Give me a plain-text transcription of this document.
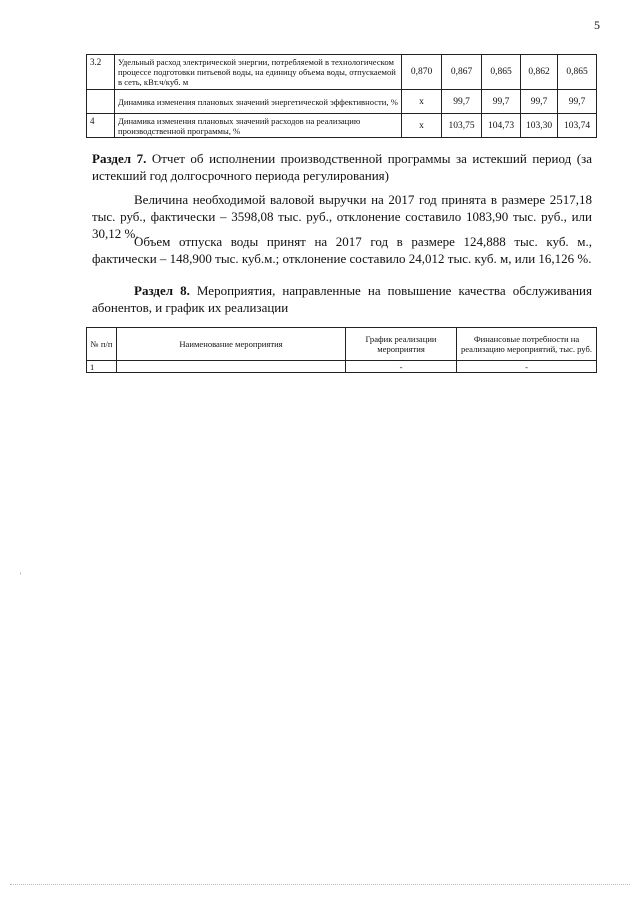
5
3.2	Удельный расход электрической энергии, потребляемой в технологическом процессе подготовки питьевой воды, на единицу объема воды, отпускаемой в сеть, кВт.ч/куб. м	0,870	0,867	0,865	0,862	0,865
	Динамика изменения плановых значений энергетической эффективности, %	x	99,7	99,7	99,7	99,7
4	Динамика изменения плановых значений расходов на реализацию производственной программы, %	x	103,75	104,73	103,30	103,74
Раздел 7. Отчет об исполнении производственной программы за истекший период (за истекший год долгосрочного периода регулирования)
Величина необходимой валовой выручки на 2017 год принята в размере 2517,18 тыс. руб., фактически – 3598,08 тыс. руб., отклонение составило 1083,90 тыс. руб., или 30,12 %.
Объем отпуска воды принят на 2017 год в размере 124,888 тыс. куб. м., фактически – 148,900 тыс. куб.м.; отклонение составило 24,012 тыс. куб. м, или 16,126 %.
Раздел 8. Мероприятия, направленные на повышение качества обслуживания абонентов, и график их реализации
№ п/п	Наименование мероприятия	График реализации мероприятия	Финансовые потребности на реализацию мероприятий, тыс. руб.
1		-	-
